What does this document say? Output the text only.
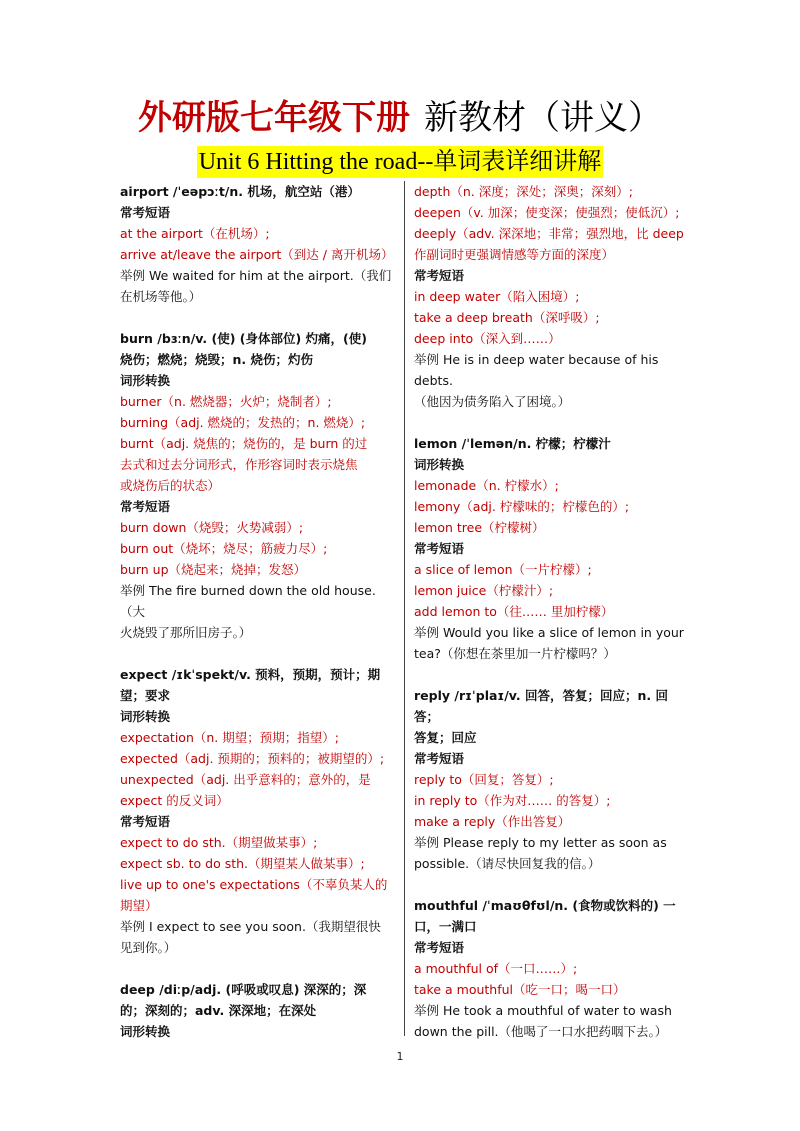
外研版七年级下册 新教材（讲义）
Unit 6 Hitting the road--单词表详细讲解

airport /ˈeəpɔːt/n. 机场，航空站（港）

常考短语

at the airport（在机场）;

arrive at/leave the airport（到达 / 离开机场）

举例 We waited for him at the airport.（我们

在机场等他。）

burn /bɜːn/v. (使) (身体部位) 灼痛，(使)

烧伤；燃烧；烧毁；n. 烧伤；灼伤

词形转换

burner（n. 燃烧器；火炉；烧制者）;

burning（adj. 燃烧的；发热的；n. 燃烧）;

burnt（adj. 烧焦的；烧伤的，是 burn 的过

去式和过去分词形式，作形容词时表示烧焦

或烧伤后的状态）

常考短语

burn down（烧毁；火势减弱）;

burn out（烧坏；烧尽；筋疲力尽）;

burn up（烧起来；烧掉；发怒）

举例 The fire burned down the old house.（大

火烧毁了那所旧房子。）

expect /ɪkˈspekt/v. 预料，预期，预计；期

望；要求

词形转换

expectation（n. 期望；预期；指望）;

expected（adj. 预期的；预料的；被期望的）;

unexpected（adj. 出乎意料的；意外的，是

expect 的反义词）

常考短语

expect to do sth.（期望做某事）;

expect sb. to do sth.（期望某人做某事）;

live up to one's expectations（不辜负某人的

期望）

举例 I expect to see you soon.（我期望很快

见到你。）

deep /diːp/adj. (呼吸或叹息) 深深的；深

的；深刻的；adv. 深深地；在深处

词形转换

depth（n. 深度；深处；深奥；深刻）;

deepen（v. 加深；使变深；使强烈；使低沉）;

deeply（adv. 深深地；非常；强烈地，比 deep

作副词时更强调情感等方面的深度）

常考短语

in deep water（陷入困境）;

take a deep breath（深呼吸）;

deep into（深入到……）

举例 He is in deep water because of his debts.

（他因为债务陷入了困境。）

lemon /ˈlemən/n. 柠檬；柠檬汁

词形转换

lemonade（n. 柠檬水）;

lemony（adj. 柠檬味的；柠檬色的）;

lemon tree（柠檬树）

常考短语

a slice of lemon（一片柠檬）;

lemon juice（柠檬汁）;

add lemon to（往…… 里加柠檬）

举例 Would you like a slice of lemon in your

tea?（你想在茶里加一片柠檬吗？）

reply /rɪˈplaɪ/v. 回答，答复；回应；n. 回答；

答复；回应

常考短语

reply to（回复；答复）;

in reply to（作为对…… 的答复）;

make a reply（作出答复）

举例 Please reply to my letter as soon as

possible.（请尽快回复我的信。）

mouthful /ˈmaʊθfʊl/n. (食物或饮料的) 一

口，一满口

常考短语

a mouthful of（一口……）;

take a mouthful（吃一口；喝一口）

举例 He took a mouthful of water to wash

down the pill.（他喝了一口水把药咽下去。）

1
